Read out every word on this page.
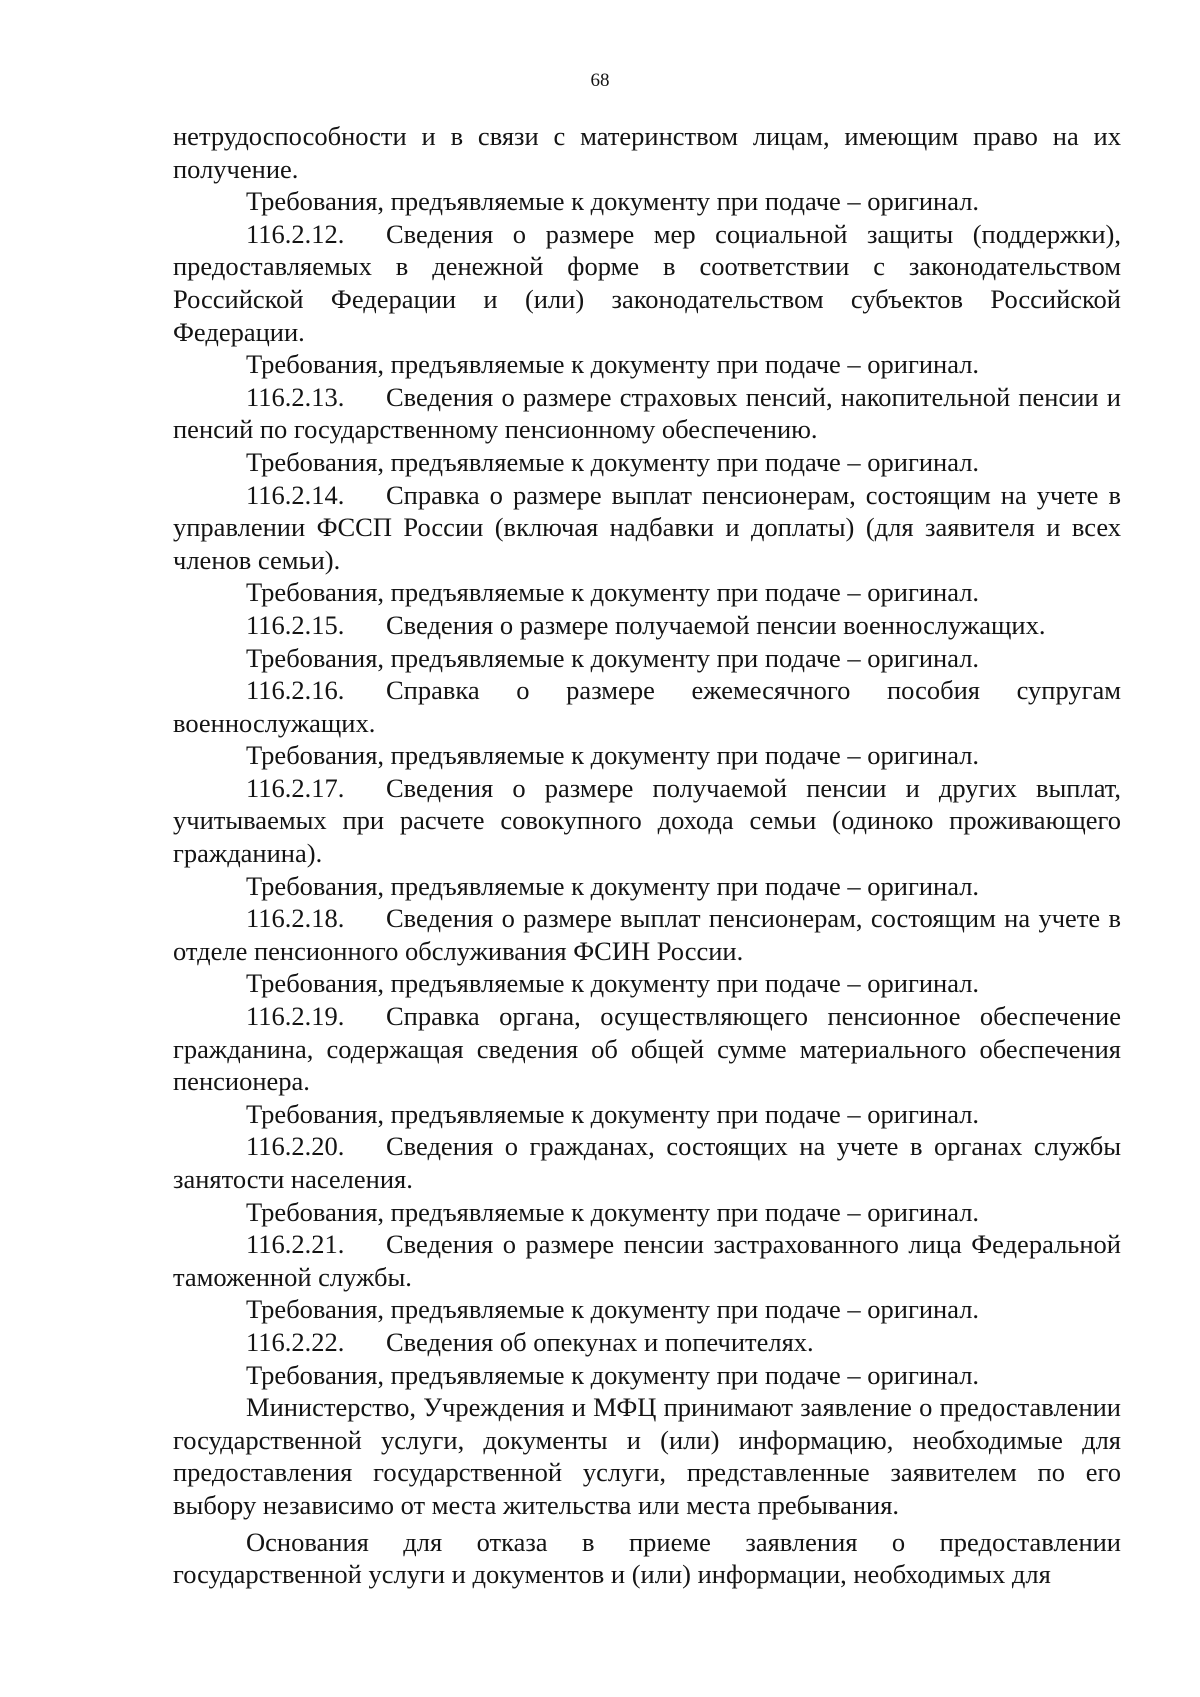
68

нетрудоспособности и в связи с материнством лицам, имеющим право на их получение.

Требования, предъявляемые к документу при подаче – оригинал.

116.2.12. Сведения о размере мер социальной защиты (поддержки), предоставляемых в денежной форме в соответствии с законодательством Российской Федерации и (или) законодательством субъектов Российской Федерации.

Требования, предъявляемые к документу при подаче – оригинал.

116.2.13. Сведения о размере страховых пенсий, накопительной пенсии и пенсий по государственному пенсионному обеспечению.

Требования, предъявляемые к документу при подаче – оригинал.

116.2.14. Справка о размере выплат пенсионерам, состоящим на учете в управлении ФССП России (включая надбавки и доплаты) (для заявителя и всех членов семьи).

Требования, предъявляемые к документу при подаче – оригинал.

116.2.15. Сведения о размере получаемой пенсии военнослужащих.

Требования, предъявляемые к документу при подаче – оригинал.

116.2.16. Справка о размере ежемесячного пособия супругам военнослужащих.

Требования, предъявляемые к документу при подаче – оригинал.

116.2.17. Сведения о размере получаемой пенсии и других выплат, учитываемых при расчете совокупного дохода семьи (одиноко проживающего гражданина).

Требования, предъявляемые к документу при подаче – оригинал.

116.2.18. Сведения о размере выплат пенсионерам, состоящим на учете в отделе пенсионного обслуживания ФСИН России.

Требования, предъявляемые к документу при подаче – оригинал.

116.2.19. Справка органа, осуществляющего пенсионное обеспечение гражданина, содержащая сведения об общей сумме материального обеспечения пенсионера.

Требования, предъявляемые к документу при подаче – оригинал.

116.2.20. Сведения о гражданах, состоящих на учете в органах службы занятости населения.

Требования, предъявляемые к документу при подаче – оригинал.

116.2.21. Сведения о размере пенсии застрахованного лица Федеральной таможенной службы.

Требования, предъявляемые к документу при подаче – оригинал.

116.2.22. Сведения об опекунах и попечителях.

Требования, предъявляемые к документу при подаче – оригинал.

Министерство, Учреждения и МФЦ принимают заявление о предоставлении государственной услуги, документы и (или) информацию, необходимые для предоставления государственной услуги, представленные заявителем по его выбору независимо от места жительства или места пребывания.

Основания для отказа в приеме заявления о предоставлении государственной услуги и документов и (или) информации, необходимых для
